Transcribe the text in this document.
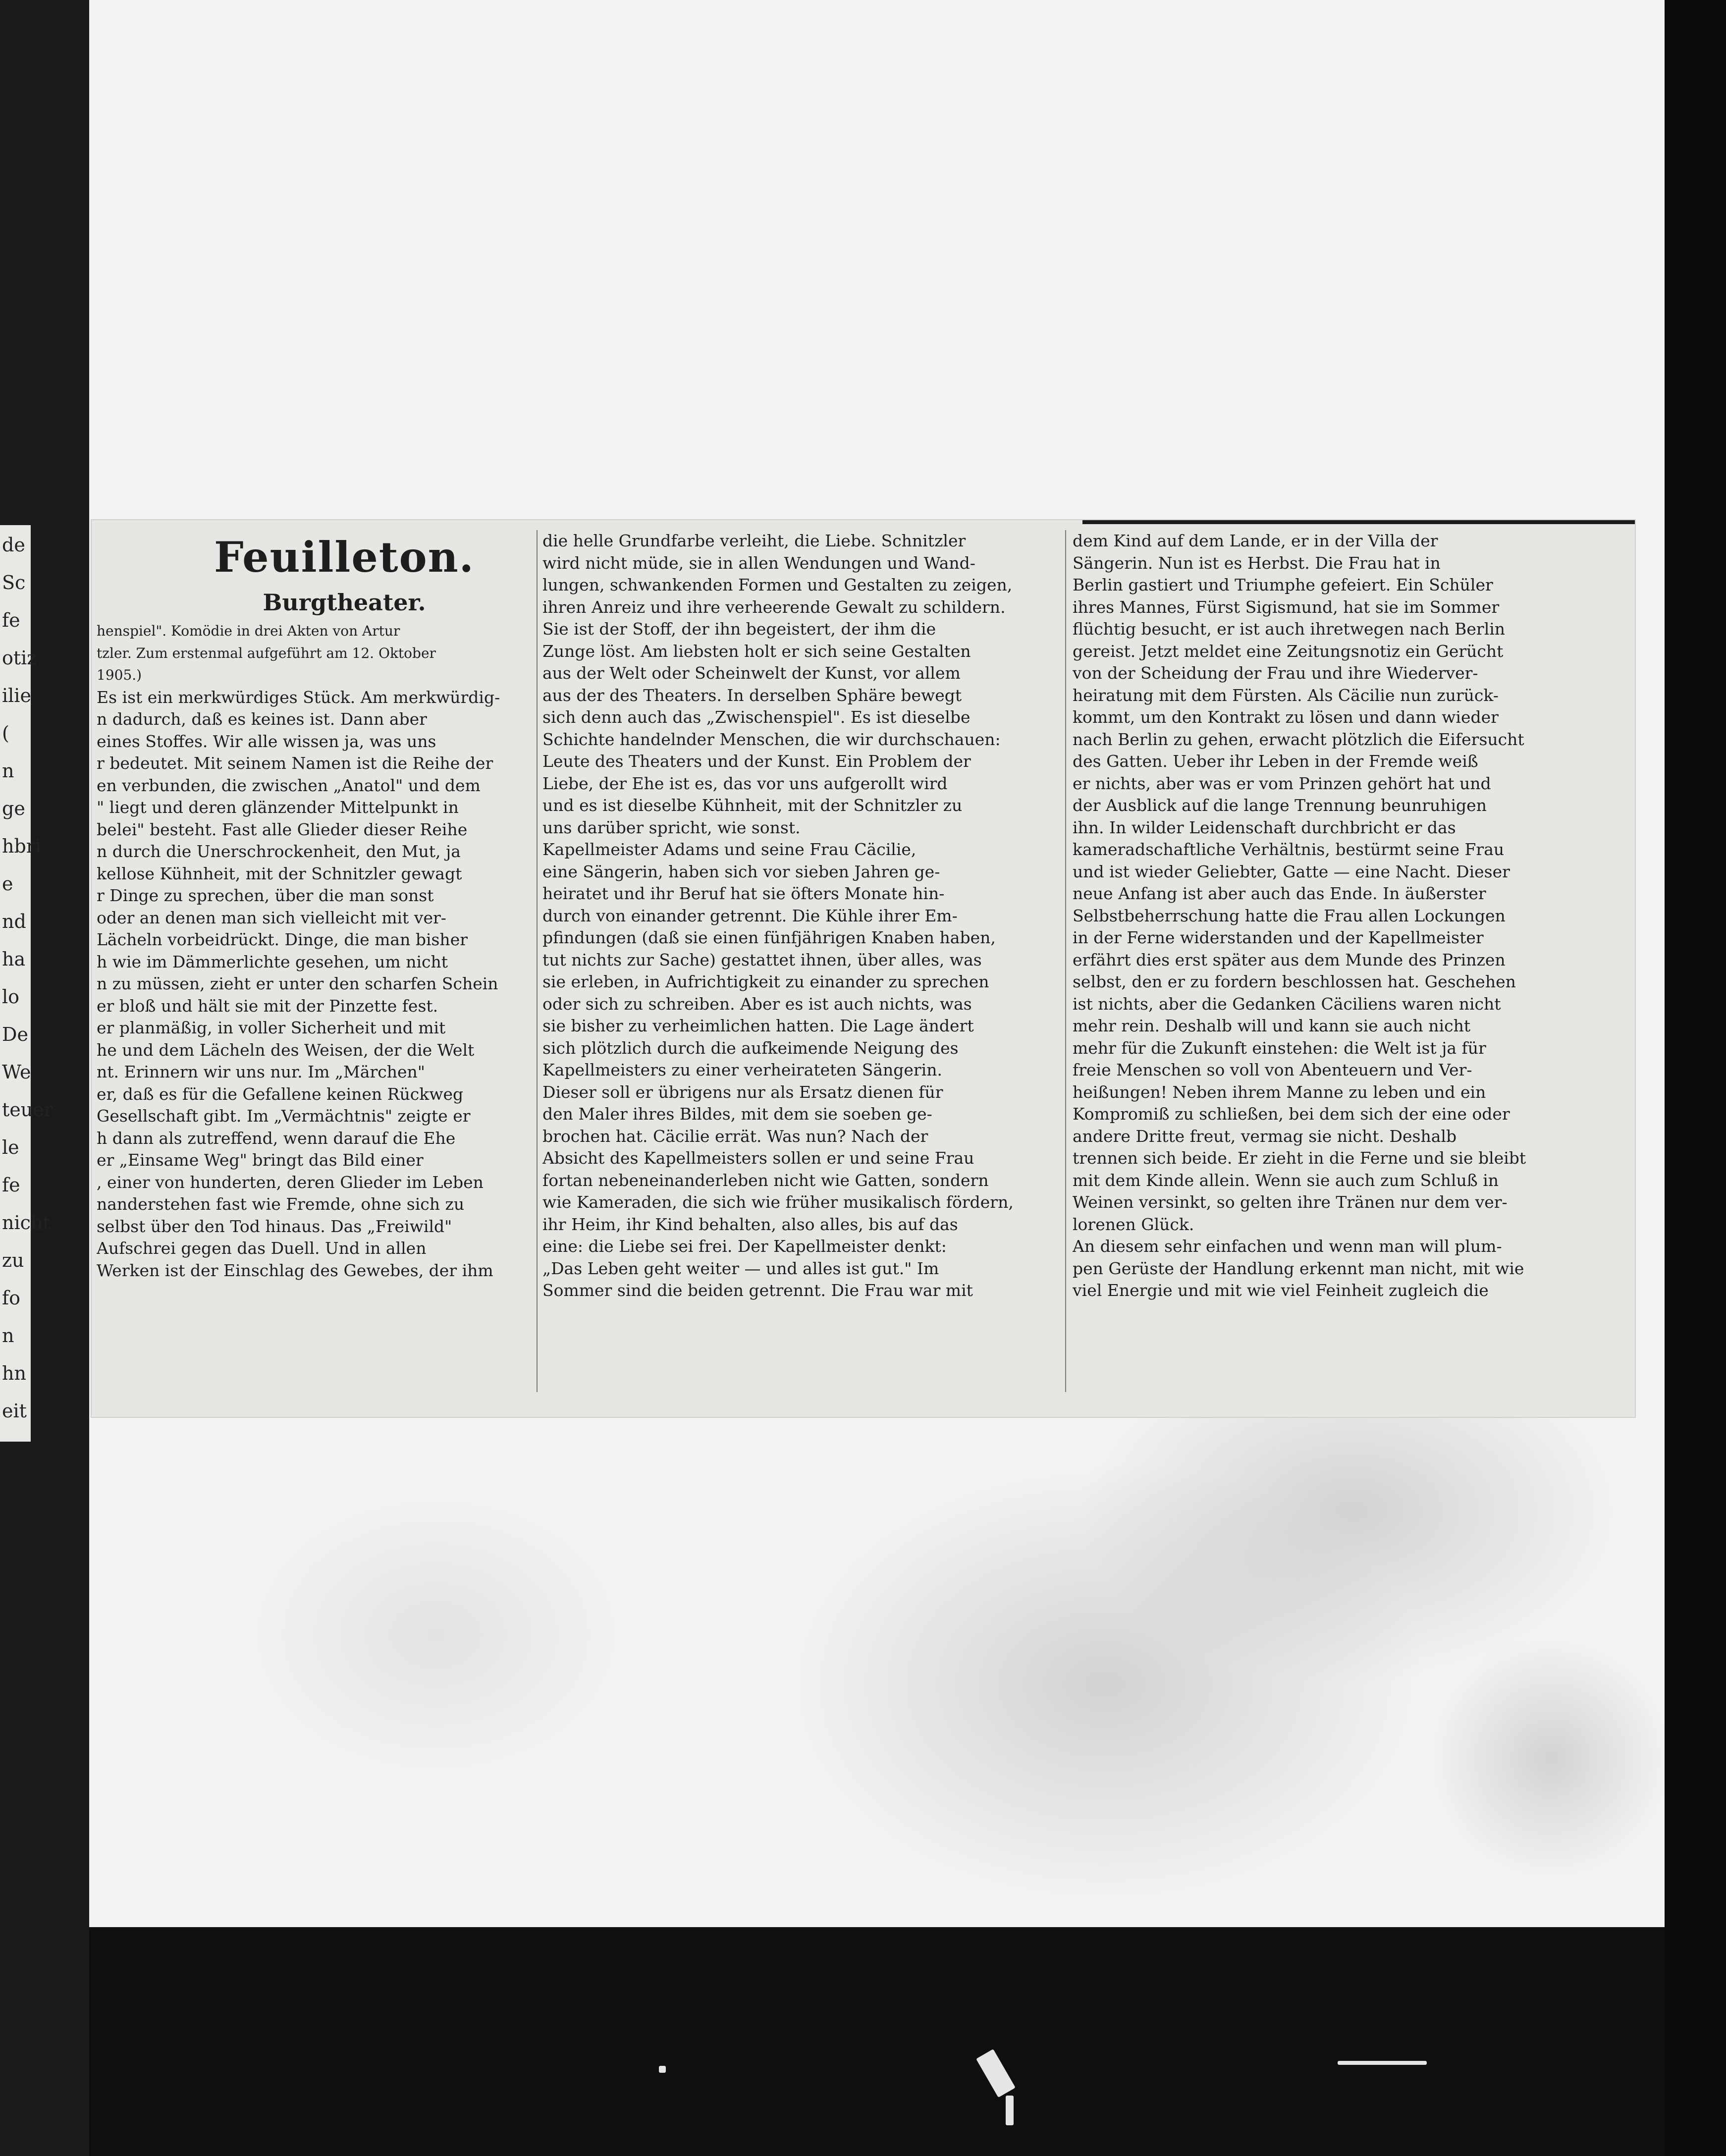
de
Sc
fe
otiz
ilie
(
n
ge
hbri
e
nd
ha
lo
De
We
teuer
le
fe
nicht
zu
fo
n
hn
eit
Feuilleton.
Burgtheater.
henspiel". Komödie in drei Akten von Artur
tzler. Zum erstenmal aufgeführt am 12. Oktober
1905.)
Es ist ein merkwürdiges Stück. Am merkwürdig-
n dadurch, daß es keines ist. Dann aber
eines Stoffes. Wir alle wissen ja, was uns
r bedeutet. Mit seinem Namen ist die Reihe der
en verbunden, die zwischen „Anatol" und dem
" liegt und deren glänzender Mittelpunkt in
belei" besteht. Fast alle Glieder dieser Reihe
n durch die Unerschrockenheit, den Mut, ja
kellose Kühnheit, mit der Schnitzler gewagt
r Dinge zu sprechen, über die man sonst
oder an denen man sich vielleicht mit ver-
Lächeln vorbeidrückt. Dinge, die man bisher
h wie im Dämmerlichte gesehen, um nicht
n zu müssen, zieht er unter den scharfen Schein
er bloß und hält sie mit der Pinzette fest.
er planmäßig, in voller Sicherheit und mit
he und dem Lächeln des Weisen, der die Welt
nt. Erinnern wir uns nur. Im „Märchen"
er, daß es für die Gefallene keinen Rückweg
Gesellschaft gibt. Im „Vermächtnis" zeigte er
h dann als zutreffend, wenn darauf die Ehe
er „Einsame Weg" bringt das Bild einer
, einer von hunderten, deren Glieder im Leben
nanderstehen fast wie Fremde, ohne sich zu
selbst über den Tod hinaus. Das „Freiwild"
Aufschrei gegen das Duell. Und in allen
Werken ist der Einschlag des Gewebes, der ihm
die helle Grundfarbe verleiht, die Liebe. Schnitzler
wird nicht müde, sie in allen Wendungen und Wand-
lungen, schwankenden Formen und Gestalten zu zeigen,
ihren Anreiz und ihre verheerende Gewalt zu schildern.
Sie ist der Stoff, der ihn begeistert, der ihm die
Zunge löst. Am liebsten holt er sich seine Gestalten
aus der Welt oder Scheinwelt der Kunst, vor allem
aus der des Theaters. In derselben Sphäre bewegt
sich denn auch das „Zwischenspiel". Es ist dieselbe
Schichte handelnder Menschen, die wir durchschauen:
Leute des Theaters und der Kunst. Ein Problem der
Liebe, der Ehe ist es, das vor uns aufgerollt wird
und es ist dieselbe Kühnheit, mit der Schnitzler zu
uns darüber spricht, wie sonst.
Kapellmeister Adams und seine Frau Cäcilie,
eine Sängerin, haben sich vor sieben Jahren ge-
heiratet und ihr Beruf hat sie öfters Monate hin-
durch von einander getrennt. Die Kühle ihrer Em-
pfindungen (daß sie einen fünfjährigen Knaben haben,
tut nichts zur Sache) gestattet ihnen, über alles, was
sie erleben, in Aufrichtigkeit zu einander zu sprechen
oder sich zu schreiben. Aber es ist auch nichts, was
sie bisher zu verheimlichen hatten. Die Lage ändert
sich plötzlich durch die aufkeimende Neigung des
Kapellmeisters zu einer verheirateten Sängerin.
Dieser soll er übrigens nur als Ersatz dienen für
den Maler ihres Bildes, mit dem sie soeben ge-
brochen hat. Cäcilie errät. Was nun? Nach der
Absicht des Kapellmeisters sollen er und seine Frau
fortan nebeneinanderleben nicht wie Gatten, sondern
wie Kameraden, die sich wie früher musikalisch fördern,
ihr Heim, ihr Kind behalten, also alles, bis auf das
eine: die Liebe sei frei. Der Kapellmeister denkt:
„Das Leben geht weiter — und alles ist gut." Im
Sommer sind die beiden getrennt. Die Frau war mit
dem Kind auf dem Lande, er in der Villa der
Sängerin. Nun ist es Herbst. Die Frau hat in
Berlin gastiert und Triumphe gefeiert. Ein Schüler
ihres Mannes, Fürst Sigismund, hat sie im Sommer
flüchtig besucht, er ist auch ihretwegen nach Berlin
gereist. Jetzt meldet eine Zeitungsnotiz ein Gerücht
von der Scheidung der Frau und ihre Wiederver-
heiratung mit dem Fürsten. Als Cäcilie nun zurück-
kommt, um den Kontrakt zu lösen und dann wieder
nach Berlin zu gehen, erwacht plötzlich die Eifersucht
des Gatten. Ueber ihr Leben in der Fremde weiß
er nichts, aber was er vom Prinzen gehört hat und
der Ausblick auf die lange Trennung beunruhigen
ihn. In wilder Leidenschaft durchbricht er das
kameradschaftliche Verhältnis, bestürmt seine Frau
und ist wieder Geliebter, Gatte — eine Nacht. Dieser
neue Anfang ist aber auch das Ende. In äußerster
Selbstbeherrschung hatte die Frau allen Lockungen
in der Ferne widerstanden und der Kapellmeister
erfährt dies erst später aus dem Munde des Prinzen
selbst, den er zu fordern beschlossen hat. Geschehen
ist nichts, aber die Gedanken Cäciliens waren nicht
mehr rein. Deshalb will und kann sie auch nicht
mehr für die Zukunft einstehen: die Welt ist ja für
freie Menschen so voll von Abenteuern und Ver-
heißungen! Neben ihrem Manne zu leben und ein
Kompromiß zu schließen, bei dem sich der eine oder
andere Dritte freut, vermag sie nicht. Deshalb
trennen sich beide. Er zieht in die Ferne und sie bleibt
mit dem Kinde allein. Wenn sie auch zum Schluß in
Weinen versinkt, so gelten ihre Tränen nur dem ver-
lorenen Glück.
An diesem sehr einfachen und wenn man will plum-
pen Gerüste der Handlung erkennt man nicht, mit wie
viel Energie und mit wie viel Feinheit zugleich die
